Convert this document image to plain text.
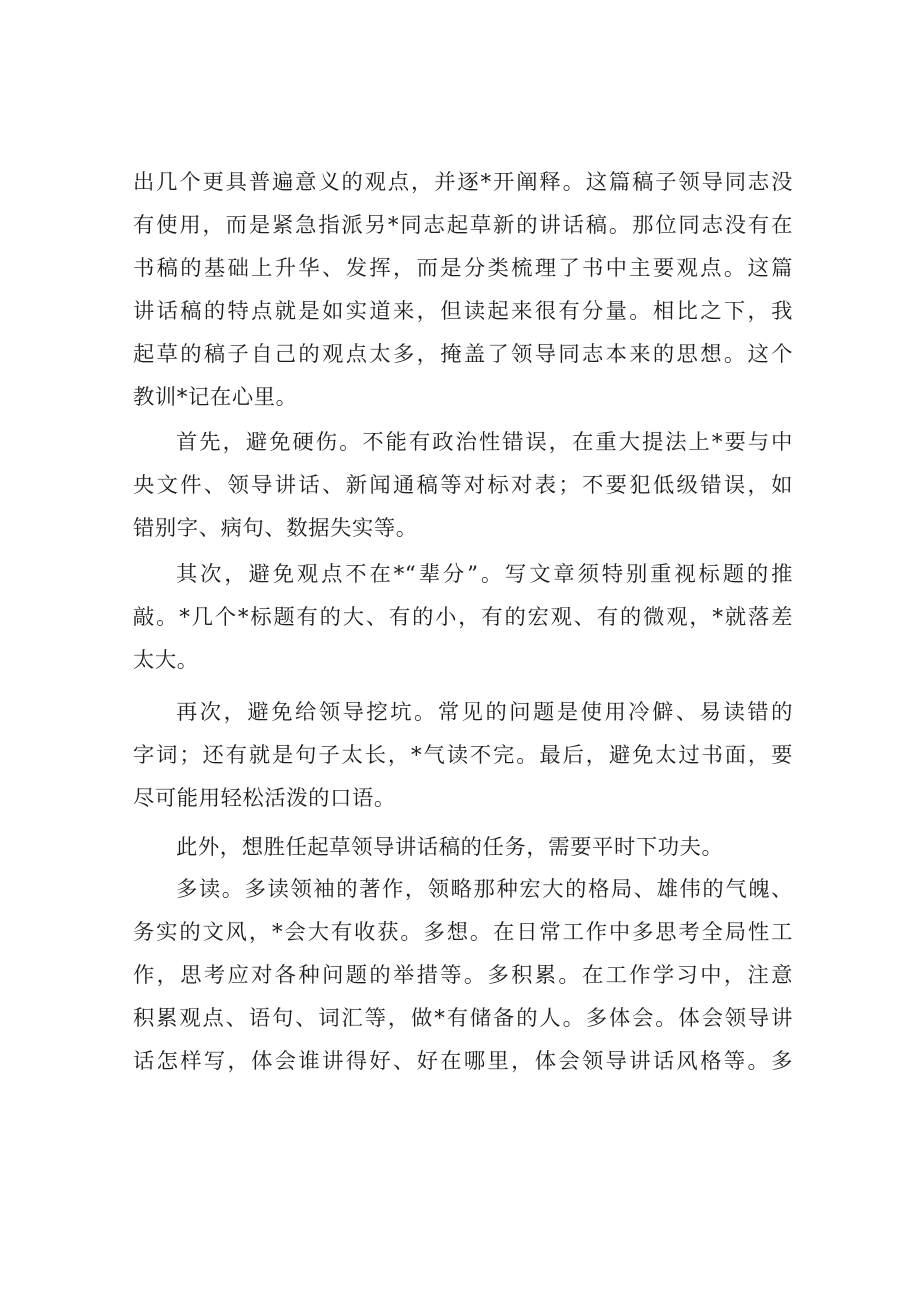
出几个更具普遍意义的观点，并逐*开阐释。这篇稿子领导同志没
有使用，而是紧急指派另*同志起草新的讲话稿。那位同志没有在
书稿的基础上升华、发挥，而是分类梳理了书中主要观点。这篇
讲话稿的特点就是如实道来，但读起来很有分量。相比之下，我
起草的稿子自己的观点太多，掩盖了领导同志本来的思想。这个
教训*记在心里。
首先，避免硬伤。不能有政治性错误，在重大提法上*要与中
央文件、领导讲话、新闻通稿等对标对表；不要犯低级错误，如
错别字、病句、数据失实等。
其次，避免观点不在*“辈分”。写文章须特别重视标题的推
敲。*几个*标题有的大、有的小，有的宏观、有的微观，*就落差
太大。
再次，避免给领导挖坑。常见的问题是使用冷僻、易读错的
字词；还有就是句子太长，*气读不完。最后，避免太过书面，要
尽可能用轻松活泼的口语。
此外，想胜任起草领导讲话稿的任务，需要平时下功夫。
多读。多读领袖的著作，领略那种宏大的格局、雄伟的气魄、
务实的文风，*会大有收获。多想。在日常工作中多思考全局性工
作，思考应对各种问题的举措等。多积累。在工作学习中，注意
积累观点、语句、词汇等，做*有储备的人。多体会。体会领导讲
话怎样写，体会谁讲得好、好在哪里，体会领导讲话风格等。多
